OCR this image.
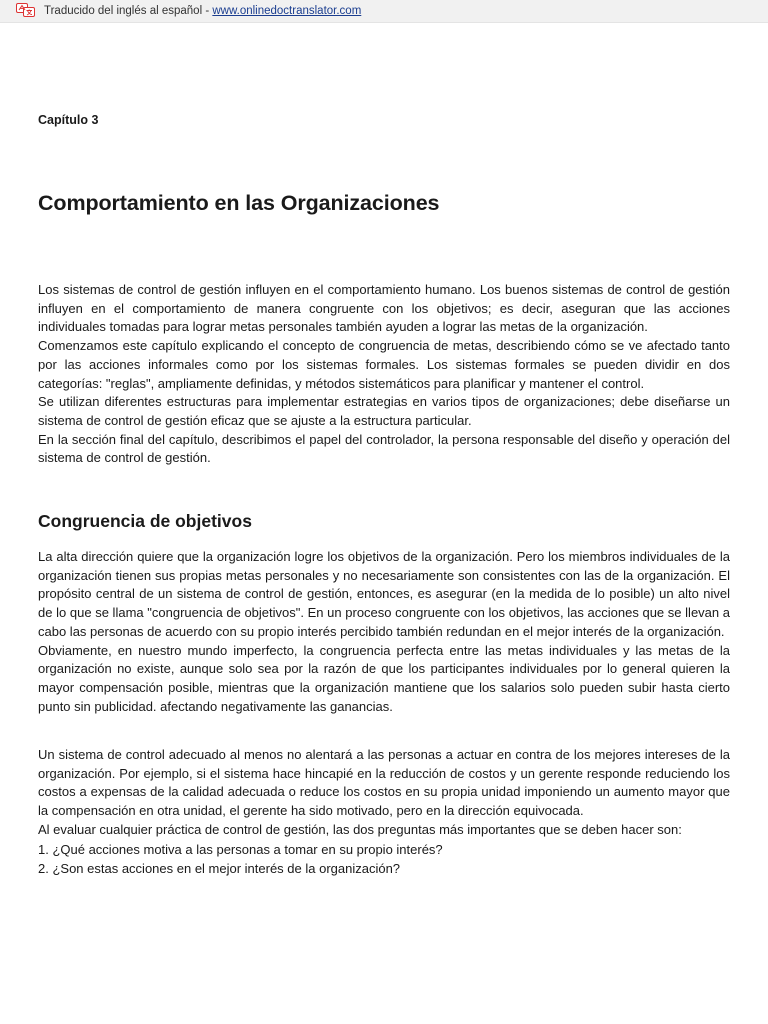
Traducido del inglés al español - www.onlinedoctranslator.com
Capítulo 3
Comportamiento en las Organizaciones

Los sistemas de control de gestión influyen en el comportamiento humano. Los buenos sistemas de control de gestión influyen en el comportamiento de manera congruente con los objetivos; es decir, aseguran que las acciones individuales tomadas para lograr metas personales también ayuden a lograr las metas de la organización.

Comenzamos este capítulo explicando el concepto de congruencia de metas, describiendo cómo se ve afectado tanto por las acciones informales como por los sistemas formales. Los sistemas formales se pueden dividir en dos categorías: "reglas", ampliamente definidas, y métodos sistemáticos para planificar y mantener el control.

Se utilizan diferentes estructuras para implementar estrategias en varios tipos de organizaciones; debe diseñarse un sistema de control de gestión eficaz que se ajuste a la estructura particular.

En la sección final del capítulo, describimos el papel del controlador, la persona responsable del diseño y operación del sistema de control de gestión.

Congruencia de objetivos

La alta dirección quiere que la organización logre los objetivos de la organización. Pero los miembros individuales de la organización tienen sus propias metas personales y no necesariamente son consistentes con las de la organización. El propósito central de un sistema de control de gestión, entonces, es asegurar (en la medida de lo posible) un alto nivel de lo que se llama "congruencia de objetivos". En un proceso congruente con los objetivos, las acciones que se llevan a cabo las personas de acuerdo con su propio interés percibido también redundan en el mejor interés de la organización.

Obviamente, en nuestro mundo imperfecto, la congruencia perfecta entre las metas individuales y las metas de la organización no existe, aunque solo sea por la razón de que los participantes individuales por lo general quieren la mayor compensación posible, mientras que la organización mantiene que los salarios solo pueden subir hasta cierto punto sin publicidad. afectando negativamente las ganancias.

Un sistema de control adecuado al menos no alentará a las personas a actuar en contra de los mejores intereses de la organización. Por ejemplo, si el sistema hace hincapié en la reducción de costos y un gerente responde reduciendo los costos a expensas de la calidad adecuada o reduce los costos en su propia unidad imponiendo un aumento mayor que la compensación en otra unidad, el gerente ha sido motivado, pero en la dirección equivocada.

Al evaluar cualquier práctica de control de gestión, las dos preguntas más importantes que se deben hacer son:

1. ¿Qué acciones motiva a las personas a tomar en su propio interés?

2. ¿Son estas acciones en el mejor interés de la organización?
